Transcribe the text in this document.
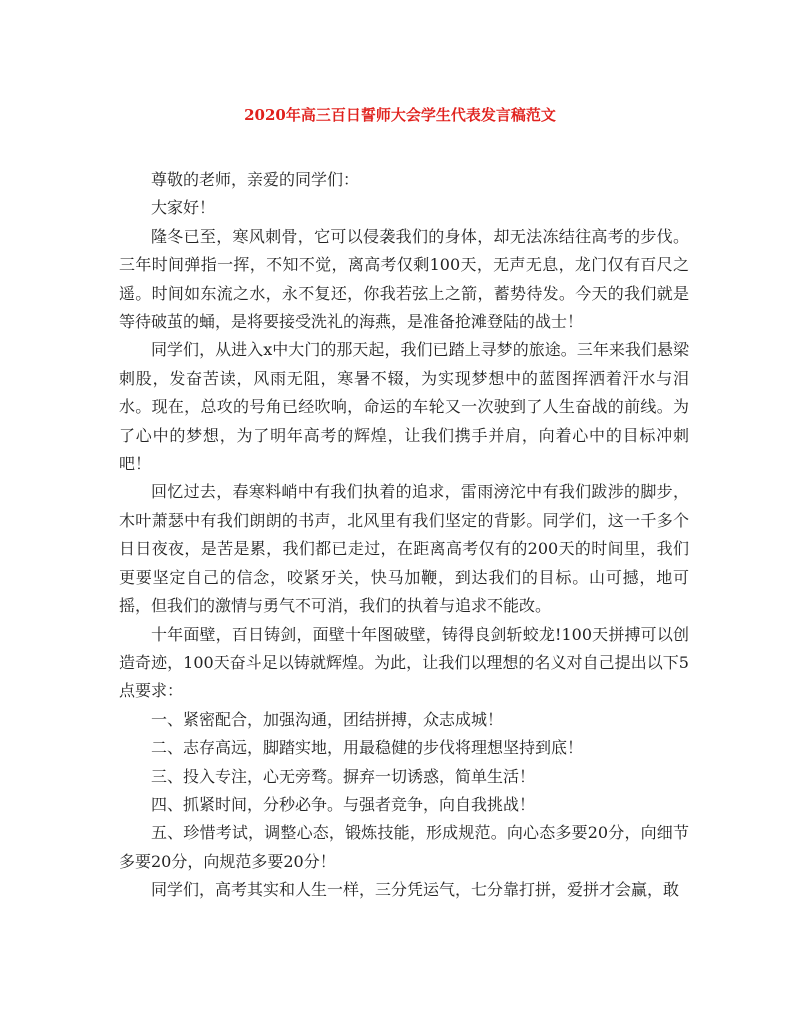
2020年高三百日誓师大会学生代表发言稿范文

尊敬的老师，亲爱的同学们：

大家好！

隆冬已至，寒风刺骨，它可以侵袭我们的身体，却无法冻结往高考的步伐。三年时间弹指一挥，不知不觉，离高考仅剩100天，无声无息，龙门仅有百尺之遥。时间如东流之水，永不复还，你我若弦上之箭，蓄势待发。今天的我们就是等待破茧的蛹，是将要接受洗礼的海燕，是准备抢滩登陆的战士！

同学们，从进入x中大门的那天起，我们已踏上寻梦的旅途。三年来我们悬梁刺股，发奋苦读，风雨无阻，寒暑不辍，为实现梦想中的蓝图挥洒着汗水与泪水。现在，总攻的号角已经吹响，命运的车轮又一次驶到了人生奋战的前线。为了心中的梦想，为了明年高考的辉煌，让我们携手并肩，向着心中的目标冲刺吧！

回忆过去，春寒料峭中有我们执着的追求，雷雨滂沱中有我们跋涉的脚步，木叶萧瑟中有我们朗朗的书声，北风里有我们坚定的背影。同学们，这一千多个日日夜夜，是苦是累，我们都已走过，在距离高考仅有的200天的时间里，我们更要坚定自己的信念，咬紧牙关，快马加鞭，到达我们的目标。山可撼，地可摇，但我们的激情与勇气不可消，我们的执着与追求不能改。

十年面壁，百日铸剑，面壁十年图破壁，铸得良剑斩蛟龙!100天拼搏可以创造奇迹，100天奋斗足以铸就辉煌。为此，让我们以理想的名义对自己提出以下5点要求：

一、紧密配合，加强沟通，团结拼搏，众志成城！

二、志存高远，脚踏实地，用最稳健的步伐将理想坚持到底！

三、投入专注，心无旁骛。摒弃一切诱惑，简单生活！

四、抓紧时间，分秒必争。与强者竞争，向自我挑战！

五、珍惜考试，调整心态，锻炼技能，形成规范。向心态多要20分，向细节多要20分，向规范多要20分！

同学们，高考其实和人生一样，三分凭运气，七分靠打拼，爱拼才会赢，敢
